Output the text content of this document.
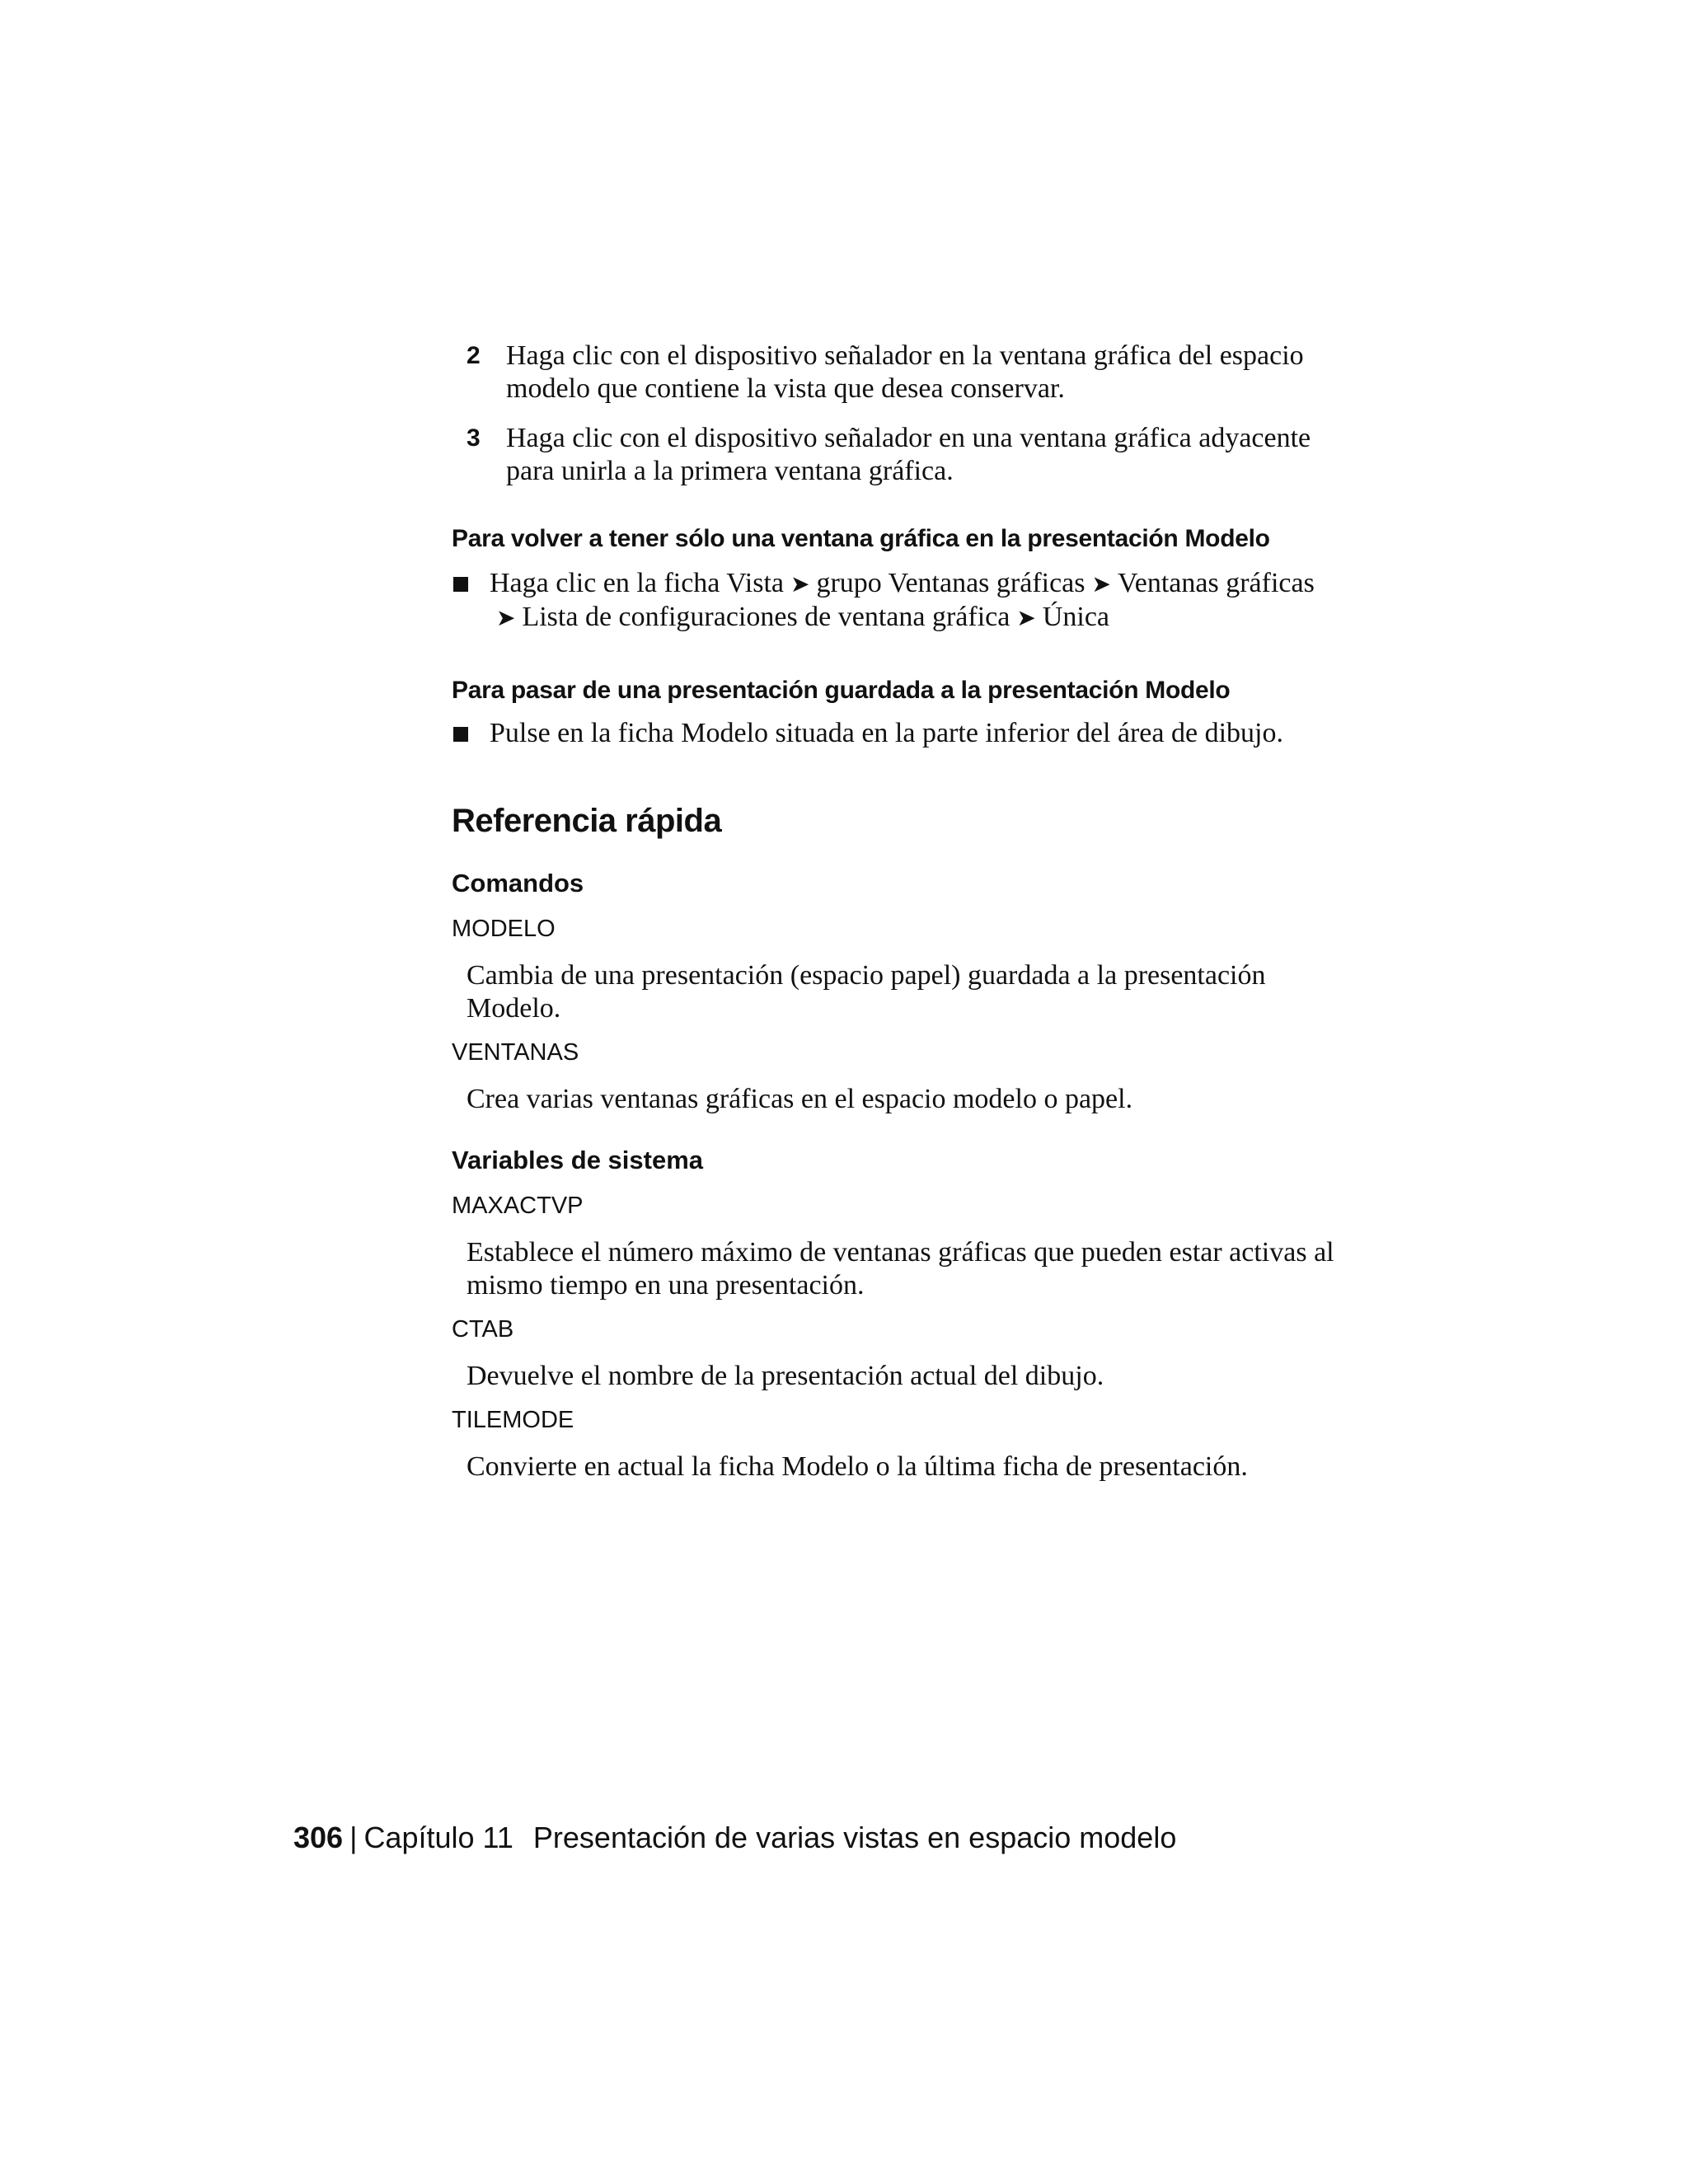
2 Haga clic con el dispositivo señalador en la ventana gráfica del espacio modelo que contiene la vista que desea conservar.
3 Haga clic con el dispositivo señalador en una ventana gráfica adyacente para unirla a la primera ventana gráfica.
Para volver a tener sólo una ventana gráfica en la presentación Modelo
Haga clic en la ficha Vista ➤ grupo Ventanas gráficas ➤ Ventanas gráficas➤ Lista de configuraciones de ventana gráfica ➤ Única
Para pasar de una presentación guardada a la presentación Modelo
Pulse en la ficha Modelo situada en la parte inferior del área de dibujo.
Referencia rápida
Comandos
MODELO
Cambia de una presentación (espacio papel) guardada a la presentación Modelo.
VENTANAS
Crea varias ventanas gráficas en el espacio modelo o papel.
Variables de sistema
MAXACTVP
Establece el número máximo de ventanas gráficas que pueden estar activas al mismo tiempo en una presentación.
CTAB
Devuelve el nombre de la presentación actual del dibujo.
TILEMODE
Convierte en actual la ficha Modelo o la última ficha de presentación.
306 | Capítulo 11 Presentación de varias vistas en espacio modelo
